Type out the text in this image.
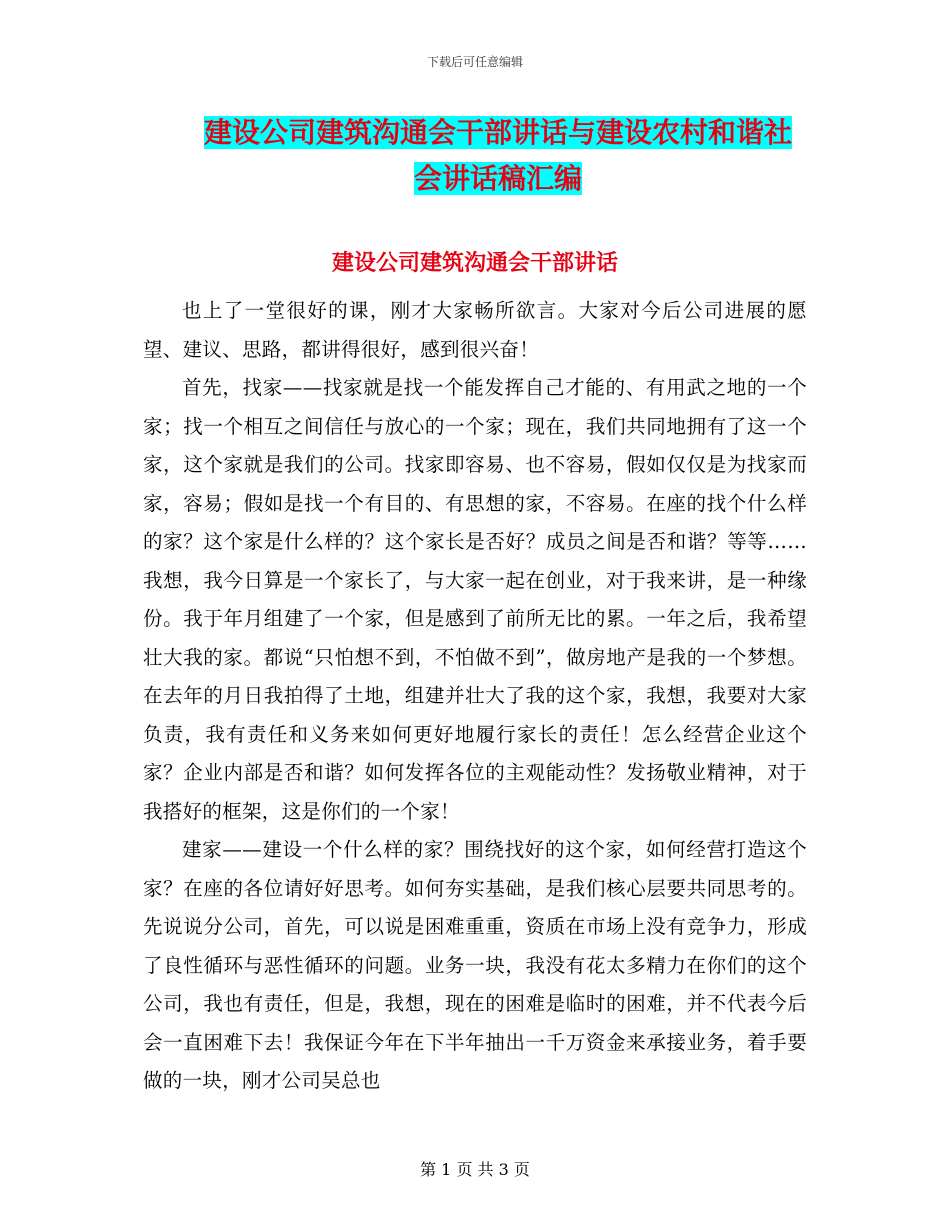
下载后可任意编辑
建设公司建筑沟通会干部讲话与建设农村和谐社会讲话稿汇编
建设公司建筑沟通会干部讲话

也上了一堂很好的课，刚才大家畅所欲言。大家对今后公司进展的愿望、建议、思路，都讲得很好，感到很兴奋！

首先，找家——找家就是找一个能发挥自己才能的、有用武之地的一个家；找一个相互之间信任与放心的一个家；现在，我们共同地拥有了这一个家，这个家就是我们的公司。找家即容易、也不容易，假如仅仅是为找家而家，容易；假如是找一个有目的、有思想的家，不容易。在座的找个什么样的家？这个家是什么样的？这个家长是否好？成员之间是否和谐？等等……我想，我今日算是一个家长了，与大家一起在创业，对于我来讲，是一种缘份。我于年月组建了一个家，但是感到了前所无比的累。一年之后，我希望壮大我的家。都说“只怕想不到，不怕做不到”，做房地产是我的一个梦想。在去年的月日我拍得了土地，组建并壮大了我的这个家，我想，我要对大家负责，我有责任和义务来如何更好地履行家长的责任！怎么经营企业这个家？企业内部是否和谐？如何发挥各位的主观能动性？发扬敬业精神，对于我搭好的框架，这是你们的一个家！

建家——建设一个什么样的家？围绕找好的这个家，如何经营打造这个家？在座的各位请好好思考。如何夯实基础，是我们核心层要共同思考的。先说说分公司，首先，可以说是困难重重，资质在市场上没有竞争力，形成了良性循环与恶性循环的问题。业务一块，我没有花太多精力在你们的这个公司，我也有责任，但是，我想，现在的困难是临时的困难，并不代表今后会一直困难下去！我保证今年在下半年抽出一千万资金来承接业务，着手要做的一块，刚才公司吴总也

第 1 页 共 3 页
